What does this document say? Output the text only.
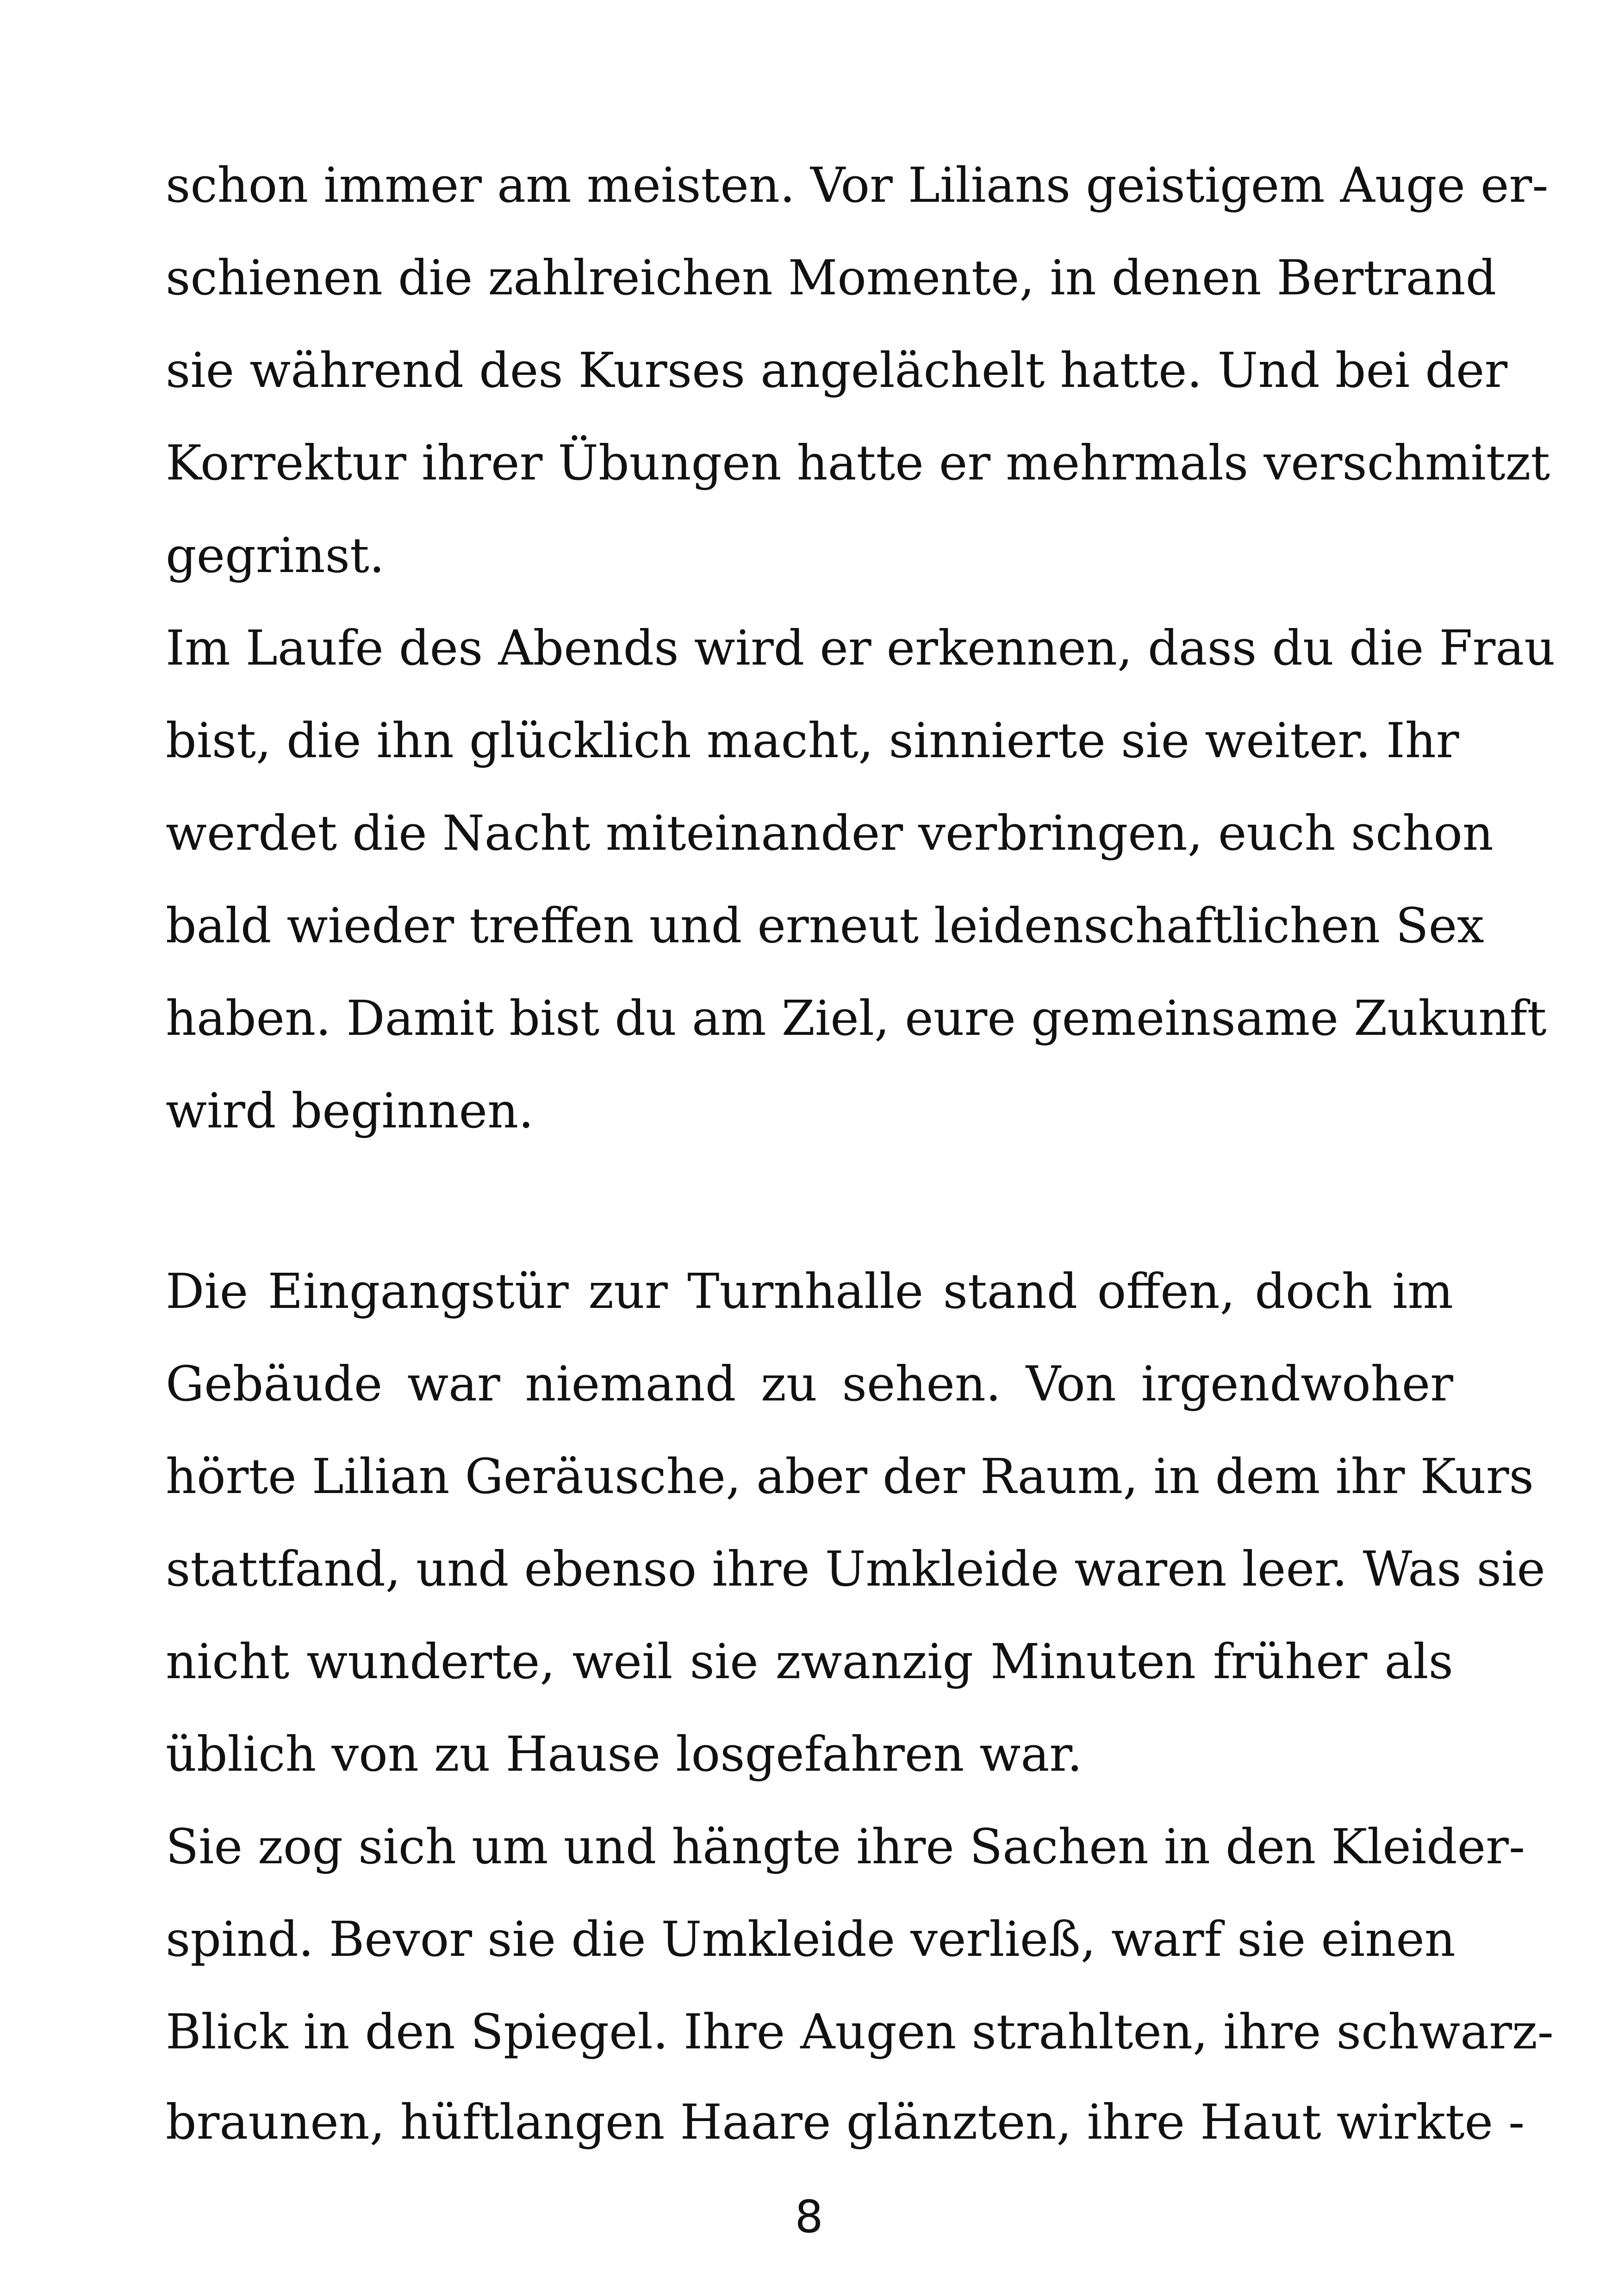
schon immer am meisten. Vor Lilians geistigem Auge er-
schienen die zahlreichen Momente, in denen Bertrand
sie während des Kurses angelächelt hatte. Und bei der
Korrektur ihrer Übungen hatte er mehrmals verschmitzt
gegrinst.
Im Laufe des Abends wird er erkennen, dass du die Frau
bist, die ihn glücklich macht, sinnierte sie weiter. Ihr
werdet die Nacht miteinander verbringen, euch schon
bald wieder treffen und erneut leidenschaftlichen Sex
haben. Damit bist du am Ziel, eure gemeinsame Zukunft
wird beginnen.
Die Eingangstür zur Turnhalle stand offen, doch im
Gebäude war niemand zu sehen. Von irgendwoher
hörte Lilian Geräusche, aber der Raum, in dem ihr Kurs
stattfand, und ebenso ihre Umkleide waren leer. Was sie
nicht wunderte, weil sie zwanzig Minuten früher als
üblich von zu Hause losgefahren war.
Sie zog sich um und hängte ihre Sachen in den Kleider-
spind. Bevor sie die Umkleide verließ, warf sie einen
Blick in den Spiegel. Ihre Augen strahlten, ihre schwarz-
braunen, hüftlangen Haare glänzten, ihre Haut wirkte -
8
